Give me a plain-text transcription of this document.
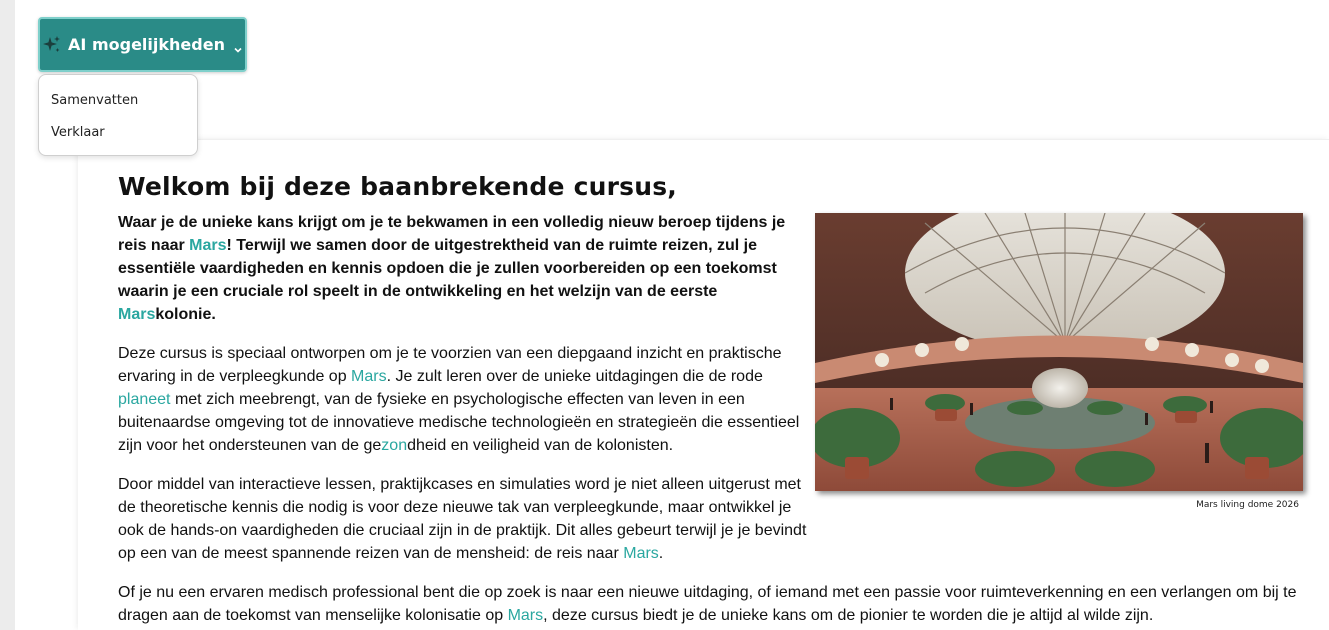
AI mogelijkheden
Samenvatten
Verklaar
Welkom bij deze baanbrekende cursus,

Waar je de unieke kans krijgt om je te bekwamen in een volledig nieuw beroep tijdens je reis naar Mars! Terwijl we samen door de uitgestrektheid van de ruimte reizen, zul je essentiële vaardigheden en kennis opdoen die je zullen voorbereiden op een toekomst waarin je een cruciale rol speelt in de ontwikkeling en het welzijn van de eerste Marskolonie.

Deze cursus is speciaal ontworpen om je te voorzien van een diepgaand inzicht en praktische ervaring in de verpleegkunde op Mars. Je zult leren over de unieke uitdagingen die de rode planeet met zich meebrengt, van de fysieke en psychologische effecten van leven in een buitenaardse omgeving tot de innovatieve medische technologieën en strategieën die essentieel zijn voor het ondersteunen van de gezondheid en veiligheid van de kolonisten.

Door middel van interactieve lessen, praktijkcases en simulaties word je niet alleen uitgerust met de theoretische kennis die nodig is voor deze nieuwe tak van verpleegkunde, maar ontwikkel je ook de hands-on vaardigheden die cruciaal zijn in de praktijk. Dit alles gebeurt terwijl je je bevindt op een van de meest spannende reizen van de mensheid: de reis naar Mars.

Of je nu een ervaren medisch professional bent die op zoek is naar een nieuwe uitdaging, of iemand met een passie voor ruimteverkenning en een verlangen om bij te dragen aan de toekomst van menselijke kolonisatie op Mars, deze cursus biedt je de unieke kans om de pionier te worden die je altijd al wilde zijn.

Mars living dome 2026
